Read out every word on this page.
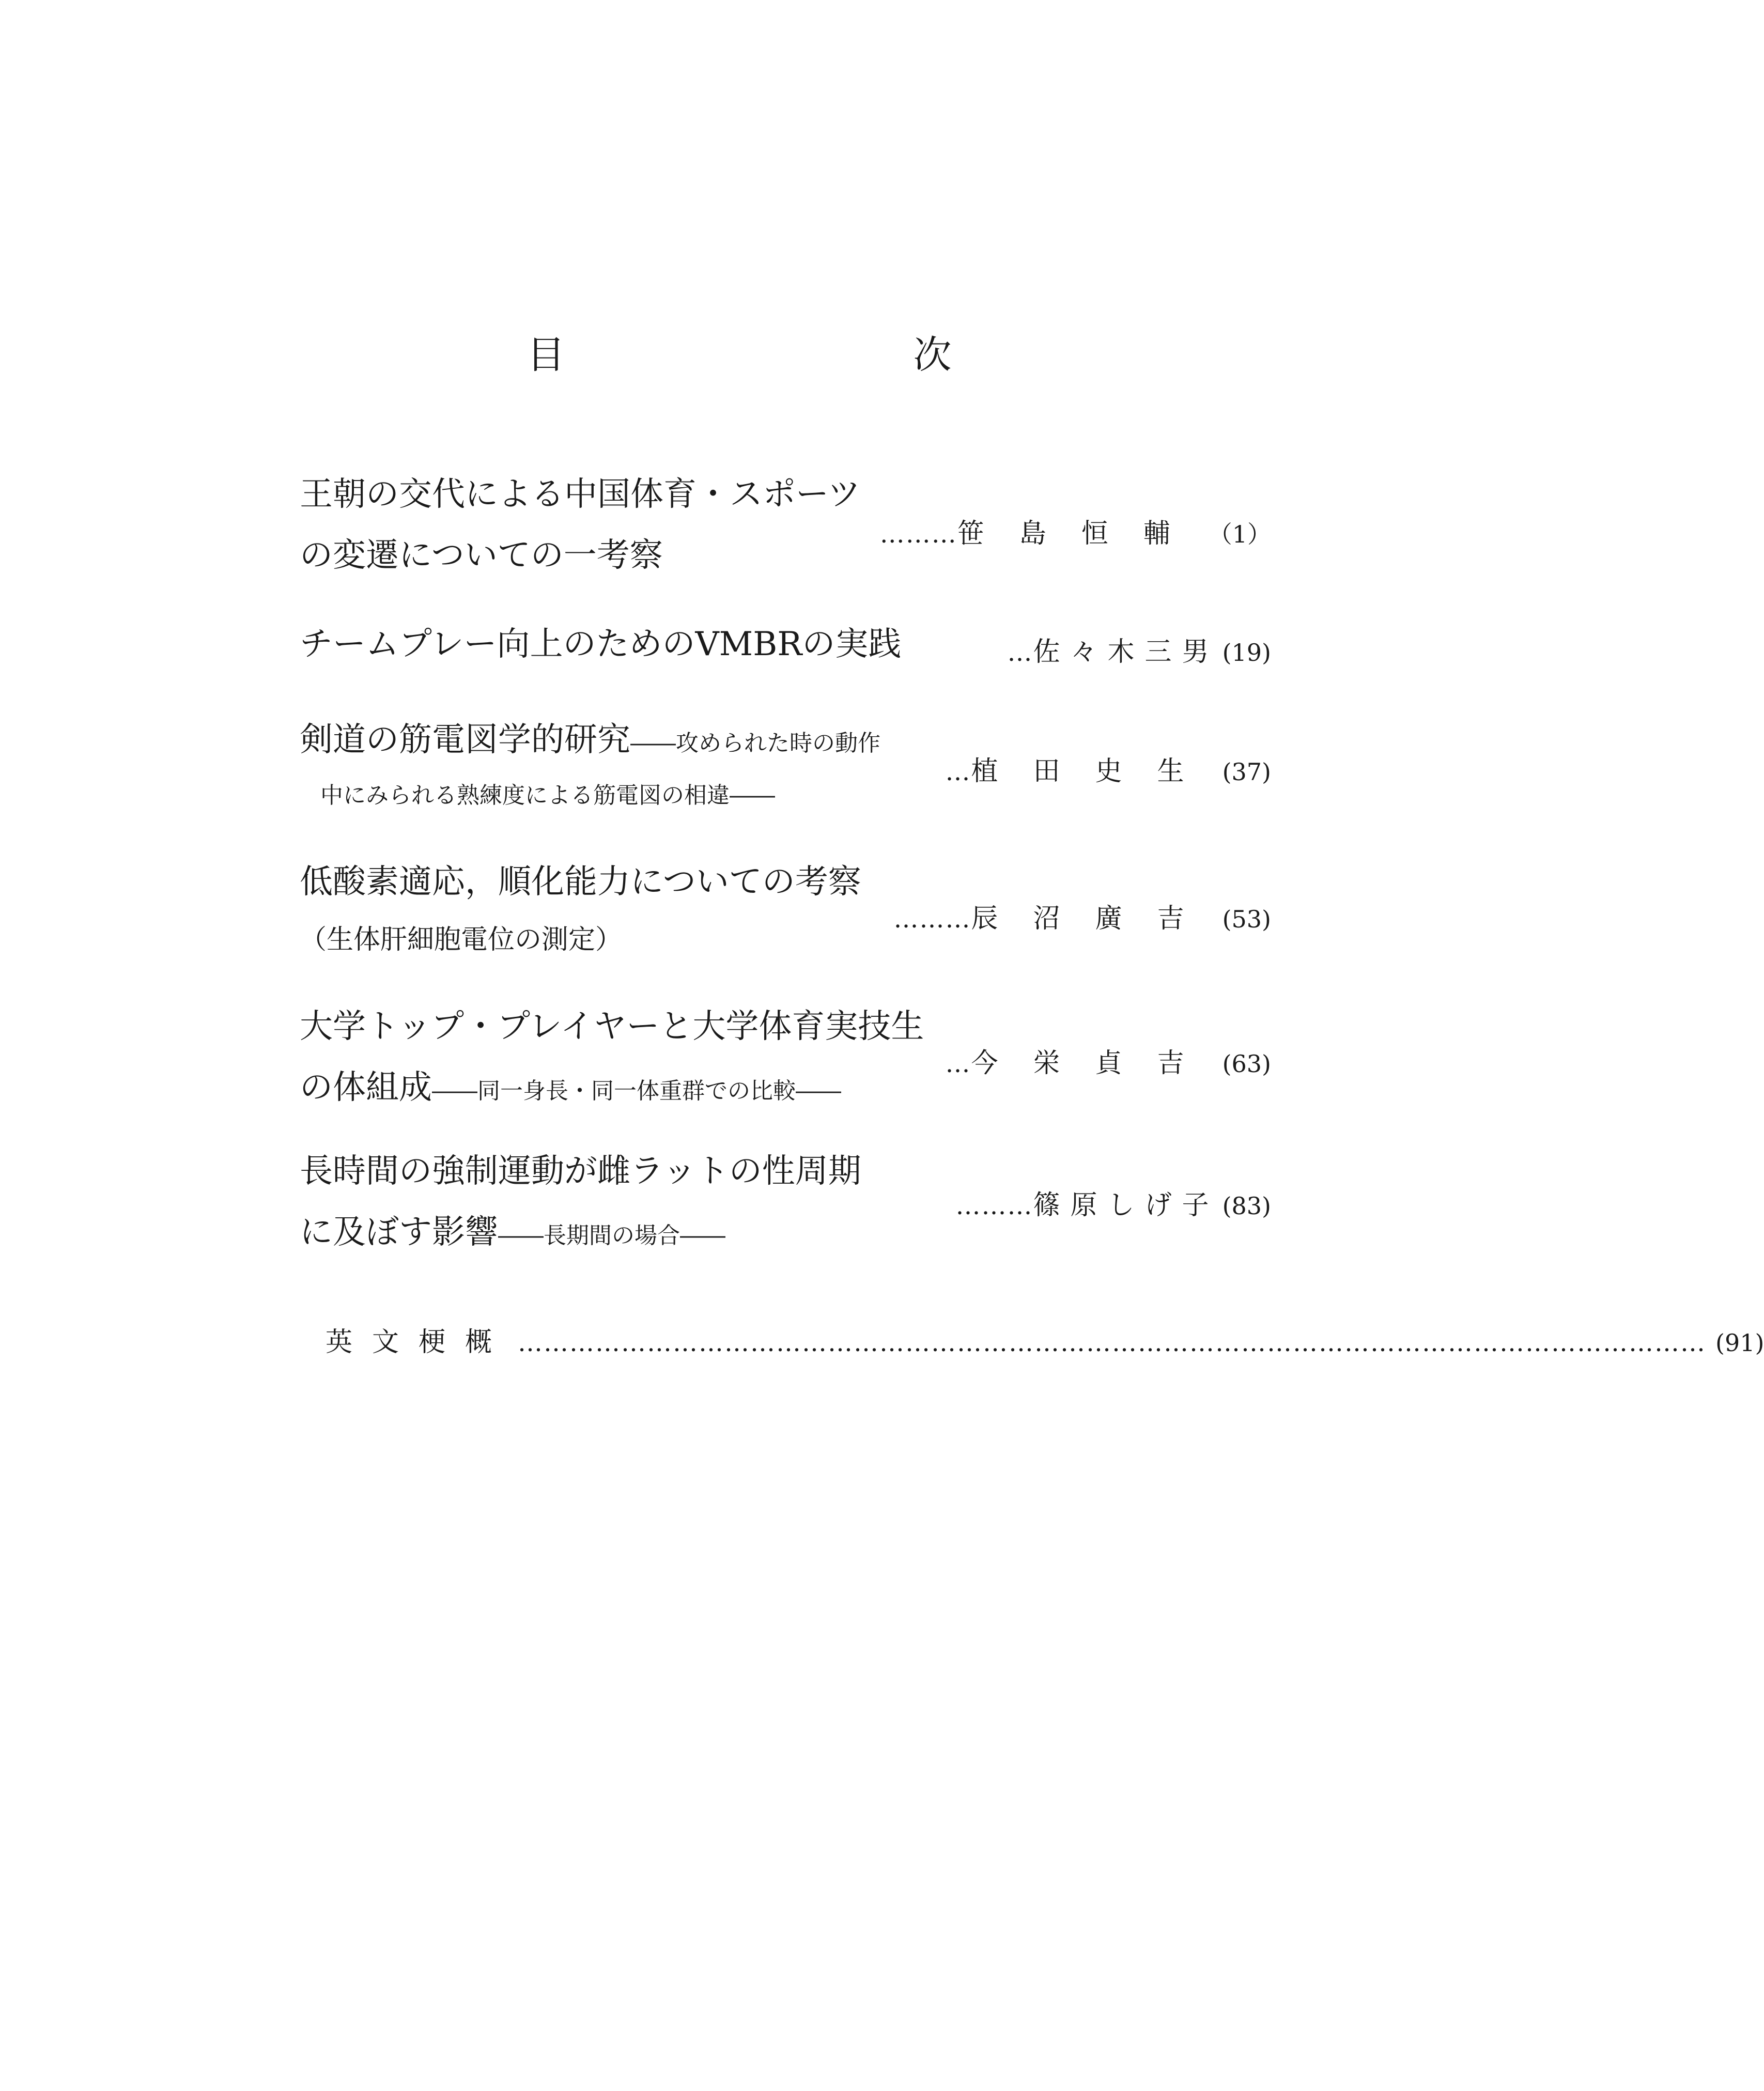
目　次
王朝の交代による中国体育・スポーツ
の変遷についての一考察
……… 笹島恒輔 （1）
チームプレー向上のためのVMBRの実践	… 佐々木三男 (19)
剣道の筋電図学的研究――攻められた時の動作
中にみられる熟練度による筋電図の相違――
… 植田史生 (37)
低酸素適応，順化能力についての考察
（生体肝細胞電位の測定）
……… 辰沼廣吉 (53)
大学トップ・プレイヤーと大学体育実技生
の体組成――同一身長・同一体重群での比較――
… 今栄貞吉 (63)
長時間の強制運動が雌ラットの性周期
に及ぼす影響――長期間の場合――
……… 篠原しげ子 (83)
英文梗概 ………………………………………………………………………………………………………………………… (91)
